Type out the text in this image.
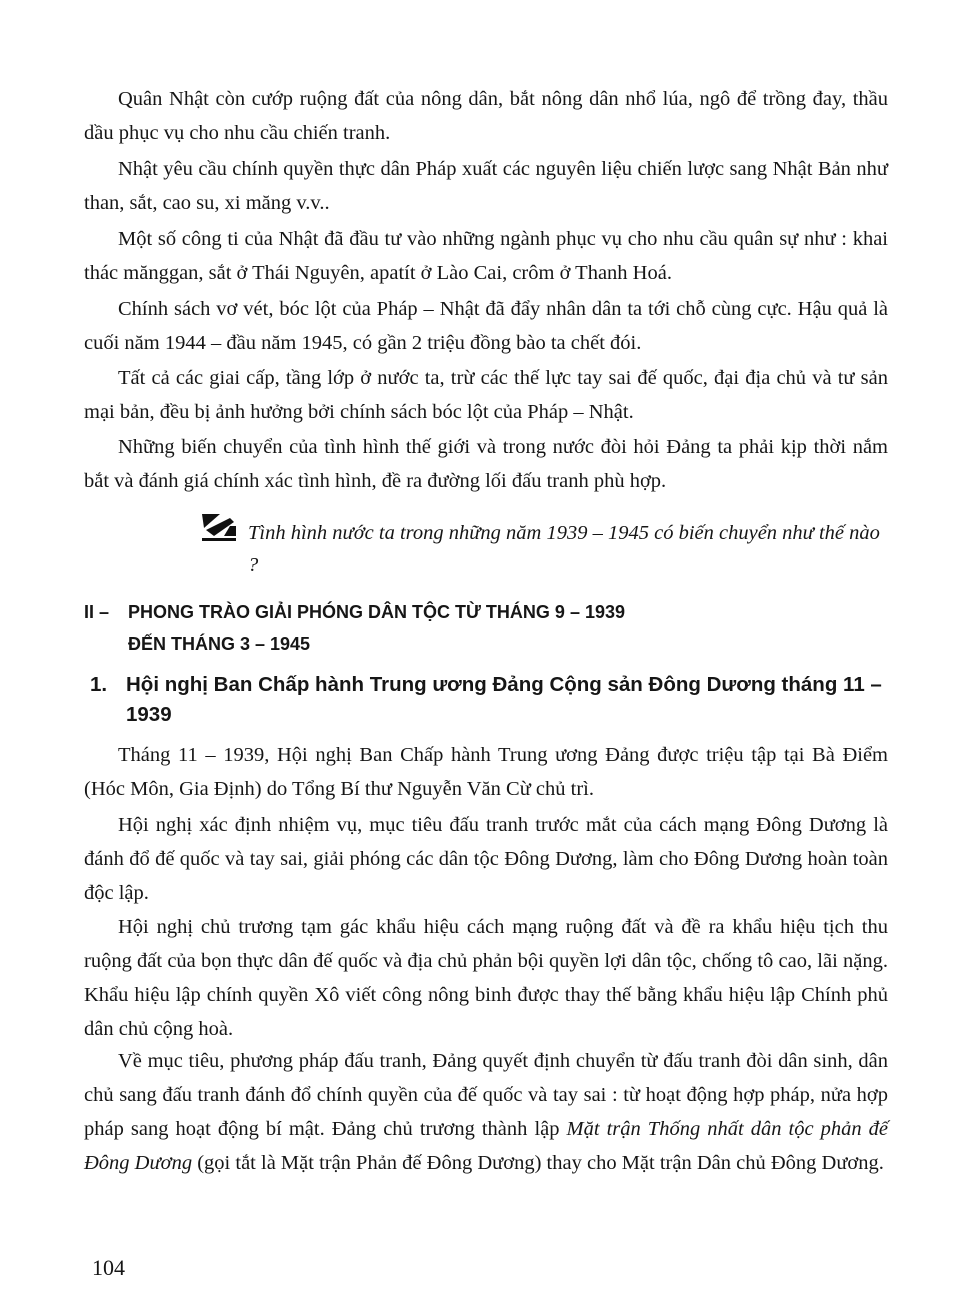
Quân Nhật còn cướp ruộng đất của nông dân, bắt nông dân nhổ lúa, ngô để trồng đay, thầu dầu phục vụ cho nhu cầu chiến tranh.

Nhật yêu cầu chính quyền thực dân Pháp xuất các nguyên liệu chiến lược sang Nhật Bản như than, sắt, cao su, xi măng v.v..

Một số công ti của Nhật đã đầu tư vào những ngành phục vụ cho nhu cầu quân sự như : khai thác mănggan, sắt ở Thái Nguyên, apatít ở Lào Cai, crôm ở Thanh Hoá.

Chính sách vơ vét, bóc lột của Pháp – Nhật đã đẩy nhân dân ta tới chỗ cùng cực. Hậu quả là cuối năm 1944 – đầu năm 1945, có gần 2 triệu đồng bào ta chết đói.

Tất cả các giai cấp, tầng lớp ở nước ta, trừ các thế lực tay sai đế quốc, đại địa chủ và tư sản mại bản, đều bị ảnh hưởng bởi chính sách bóc lột của Pháp – Nhật.

Những biến chuyển của tình hình thế giới và trong nước đòi hỏi Đảng ta phải kịp thời nắm bắt và đánh giá chính xác tình hình, đề ra đường lối đấu tranh phù hợp.

Tình hình nước ta trong những năm 1939 – 1945 có biến chuyển như thế nào ?

II – PHONG TRÀO GIẢI PHÓNG DÂN TỘC TỪ THÁNG 9 – 1939
ĐẾN THÁNG 3 – 1945
1. Hội nghị Ban Chấp hành Trung ương Đảng Cộng sản Đông Dương tháng 11 – 1939

Tháng 11 – 1939, Hội nghị Ban Chấp hành Trung ương Đảng được triệu tập tại Bà Điểm (Hóc Môn, Gia Định) do Tổng Bí thư Nguyễn Văn Cừ chủ trì.

Hội nghị xác định nhiệm vụ, mục tiêu đấu tranh trước mắt của cách mạng Đông Dương là đánh đổ đế quốc và tay sai, giải phóng các dân tộc Đông Dương, làm cho Đông Dương hoàn toàn độc lập.

Hội nghị chủ trương tạm gác khẩu hiệu cách mạng ruộng đất và đề ra khẩu hiệu tịch thu ruộng đất của bọn thực dân đế quốc và địa chủ phản bội quyền lợi dân tộc, chống tô cao, lãi nặng. Khẩu hiệu lập chính quyền Xô viết công nông binh được thay thế bằng khẩu hiệu lập Chính phủ dân chủ cộng hoà.

Về mục tiêu, phương pháp đấu tranh, Đảng quyết định chuyển từ đấu tranh đòi dân sinh, dân chủ sang đấu tranh đánh đổ chính quyền của đế quốc và tay sai : từ hoạt động hợp pháp, nửa hợp pháp sang hoạt động bí mật. Đảng chủ trương thành lập Mặt trận Thống nhất dân tộc phản đế Đông Dương (gọi tắt là Mặt trận Phản đế Đông Dương) thay cho Mặt trận Dân chủ Đông Dương.

104
